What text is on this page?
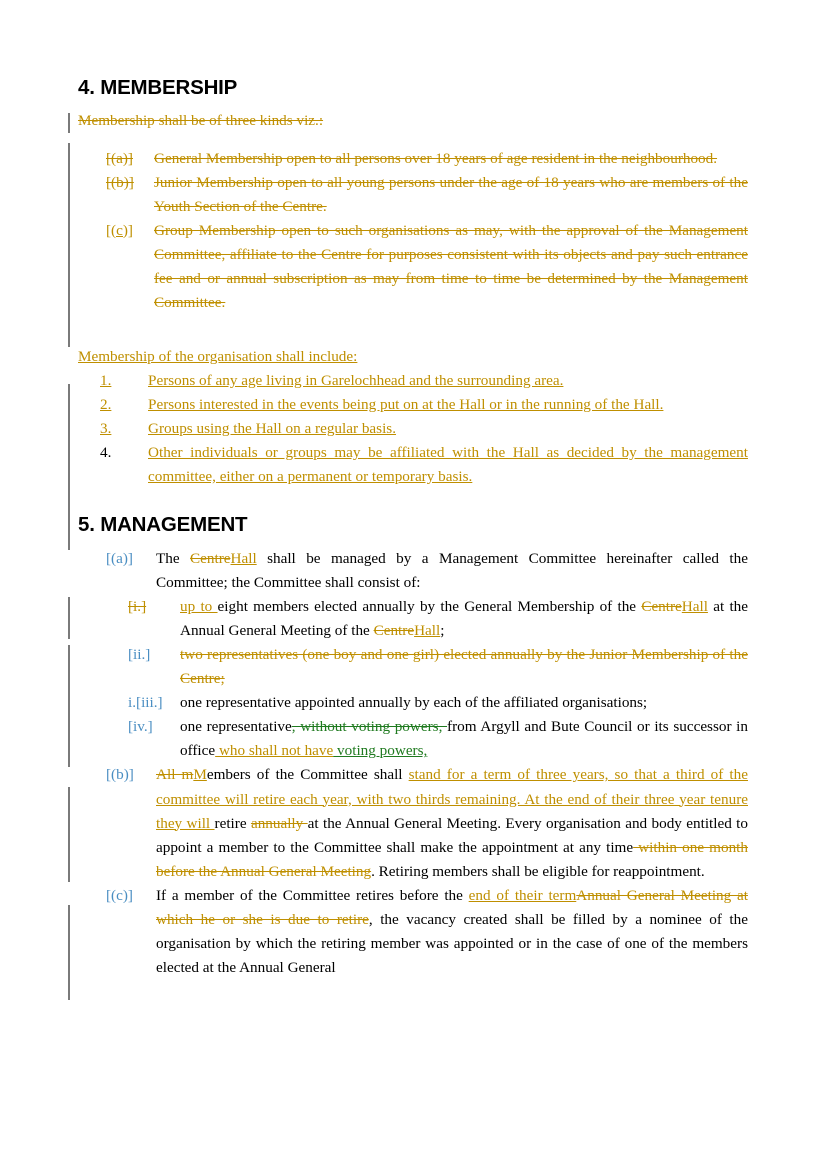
4. MEMBERSHIP

Membership shall be of three kinds viz.:

[(a)]	General Membership open to all persons over 18 years of age resident in the neighbourhood.
[(b)]	Junior Membership open to all young persons under the age of 18 years who are members of the Youth Section of the Centre.
[(c)]	Group Membership open to such organisations as may, with the approval of the Management Committee, affiliate to the Centre for purposes consistent with its objects and pay such entrance fee and or annual subscription as may from time to time be determined by the Management Committee.

Membership of the organisation shall include:

1.	Persons of any age living in Garelochhead and the surrounding area.
2.	Persons interested in the events being put on at the Hall or in the running of the Hall.
3.	Groups using the Hall on a regular basis.
4.	Other individuals or groups may be affiliated with the Hall as decided by the management committee, either on a permanent or temporary basis.
5. MANAGEMENT
[(a)]	The CentreHall shall be managed by a Management Committee hereinafter called the Committee; the Committee shall consist of:
[i.]	up to eight members elected annually by the General Membership of the CentreHall at the Annual General Meeting of the CentreHall;
[ii.]	two representatives (one boy and one girl) elected annually by the Junior Membership of the Centre;
i.[iii.]	one representative appointed annually by each of the affiliated organisations;
[iv.]	one representative, without voting powers, from Argyll and Bute Council or its successor in office who shall not have voting powers,
[(b)]	All mMembers of the Committee shall stand for a term of three years, so that a third of the committee will retire each year, with two thirds remaining. At the end of their three year tenure they will retire annually at the Annual General Meeting. Every organisation and body entitled to appoint a member to the Committee shall make the appointment at any time within one month before the Annual General Meeting. Retiring members shall be eligible for reappointment.
[(c)]	If a member of the Committee retires before the end of their termAnnual General Meeting at which he or she is due to retire, the vacancy created shall be filled by a nominee of the organisation by which the retiring member was appointed or in the case of one of the members elected at the Annual General
